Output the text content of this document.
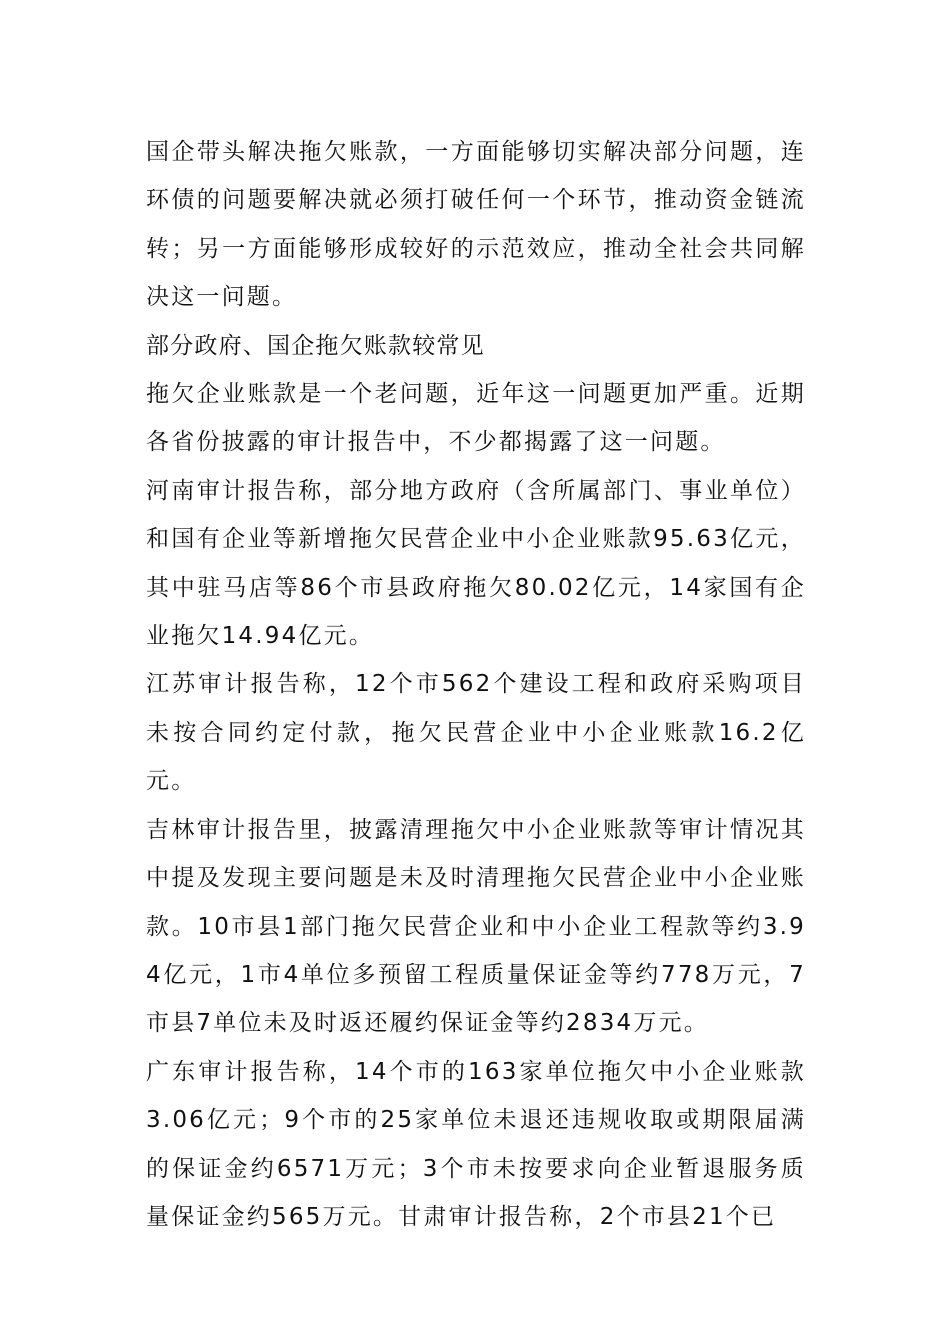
国企带头解决拖欠账款，一方面能够切实解决部分问题，连环债的问题要解决就必须打破任何一个环节，推动资金链流转；另一方面能够形成较好的示范效应，推动全社会共同解决这一问题。

部分政府、国企拖欠账款较常见

拖欠企业账款是一个老问题，近年这一问题更加严重。近期各省份披露的审计报告中，不少都揭露了这一问题。

河南审计报告称，部分地方政府（含所属部门、事业单位）和国有企业等新增拖欠民营企业中小企业账款95.63亿元，其中驻马店等86个市县政府拖欠80.02亿元，14家国有企业拖欠14.94亿元。

江苏审计报告称，12个市562个建设工程和政府采购项目未按合同约定付款，拖欠民营企业中小企业账款16.2亿元。

吉林审计报告里，披露清理拖欠中小企业账款等审计情况其中提及发现主要问题是未及时清理拖欠民营企业中小企业账款。10市县1部门拖欠民营企业和中小企业工程款等约3.94亿元，1市4单位多预留工程质量保证金等约778万元，7市县7单位未及时返还履约保证金等约2834万元。

广东审计报告称，14个市的163家单位拖欠中小企业账款3.06亿元；9个市的25家单位未退还违规收取或期限届满的保证金约6571万元；3个市未按要求向企业暂退服务质量保证金约565万元。甘肃审计报告称，2个市县21个已
